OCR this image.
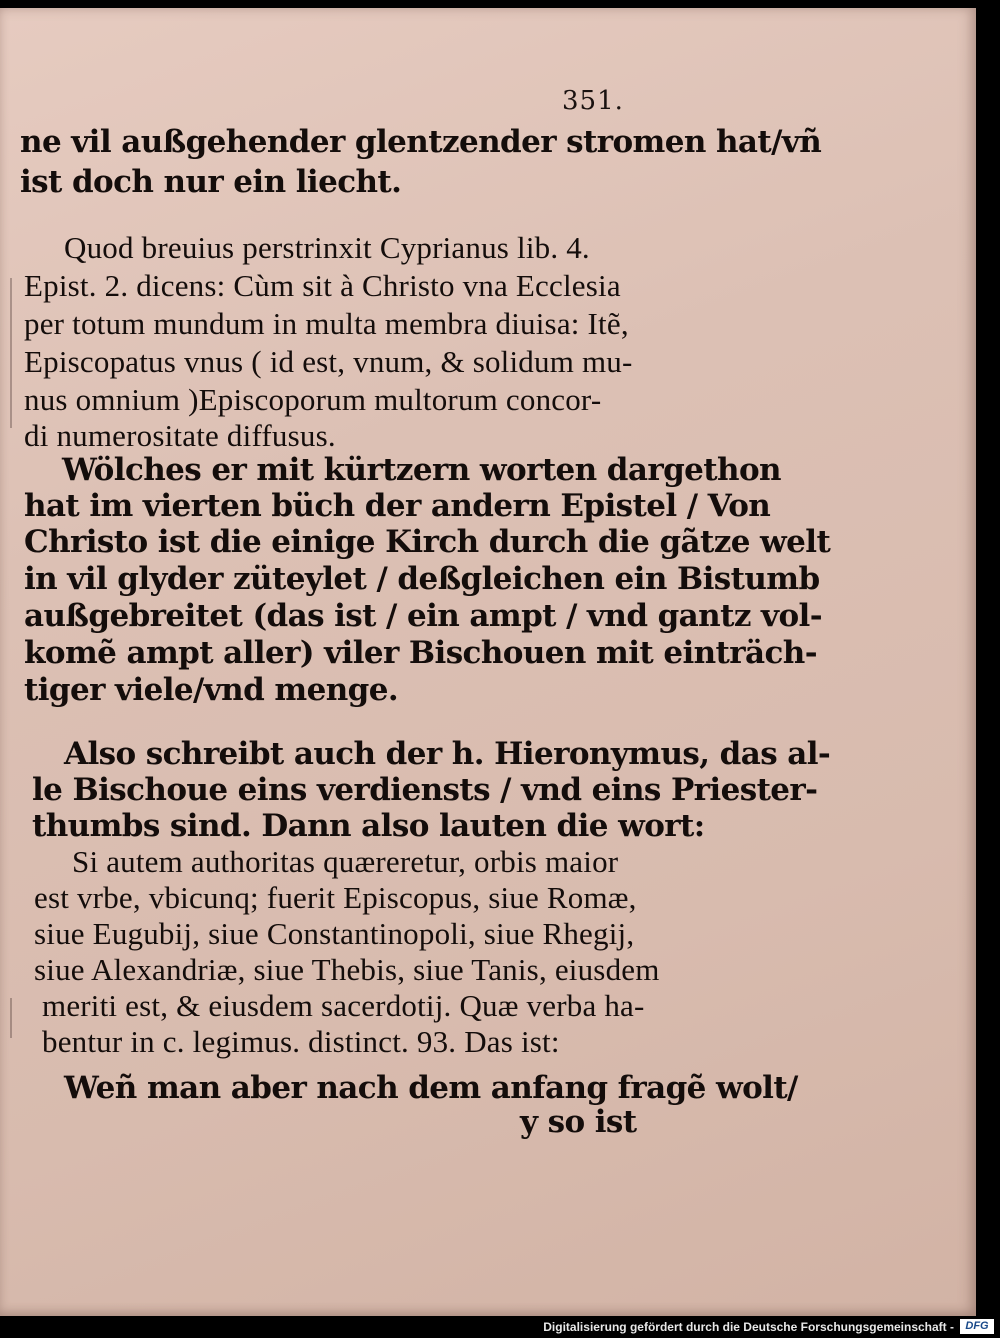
351.
ne vil außgehender glentzender stromen hat/vñ
ist doch nur ein liecht.
Quod breuius perstrinxit Cyprianus lib. 4.
Epist. 2. dicens: Cùm sit à Christo vna Ecclesia
per totum mundum in multa membra diuisa: Itẽ,
Episcopatus vnus ( id est, vnum, & solidum mu-
nus omnium )Episcoporum multorum concor-
di numerositate diffusus.
Wölches er mit kürtzern worten dargethon
hat im vierten büch der andern Epistel / Von
Christo ist die einige Kirch durch die gãtze welt
in vil glyder züteylet / deßgleichen ein Bistumb
außgebreitet (das ist / ein ampt / vnd gantz vol-
komẽ ampt aller) viler Bischouen mit einträch-
tiger viele/vnd menge.
Also schreibt auch der h. Hieronymus, das al-
le Bischoue eins verdiensts / vnd eins Priester-
thumbs sind. Dann also lauten die wort:
Si autem authoritas quæreretur, orbis maior
est vrbe, vbicunq; fuerit Episcopus, siue Romæ,
siue Eugubij, siue Constantinopoli, siue Rhegij,
siue Alexandriæ, siue Thebis, siue Tanis, eiusdem
meriti est, & eiusdem sacerdotij. Quæ verba ha-
bentur in c. legimus. distinct. 93. Das ist:
Weñ man aber nach dem anfang fragẽ wolt/
y so ist
Digitalisierung gefördert durch die Deutsche Forschungsgemeinschaft -	DFG
